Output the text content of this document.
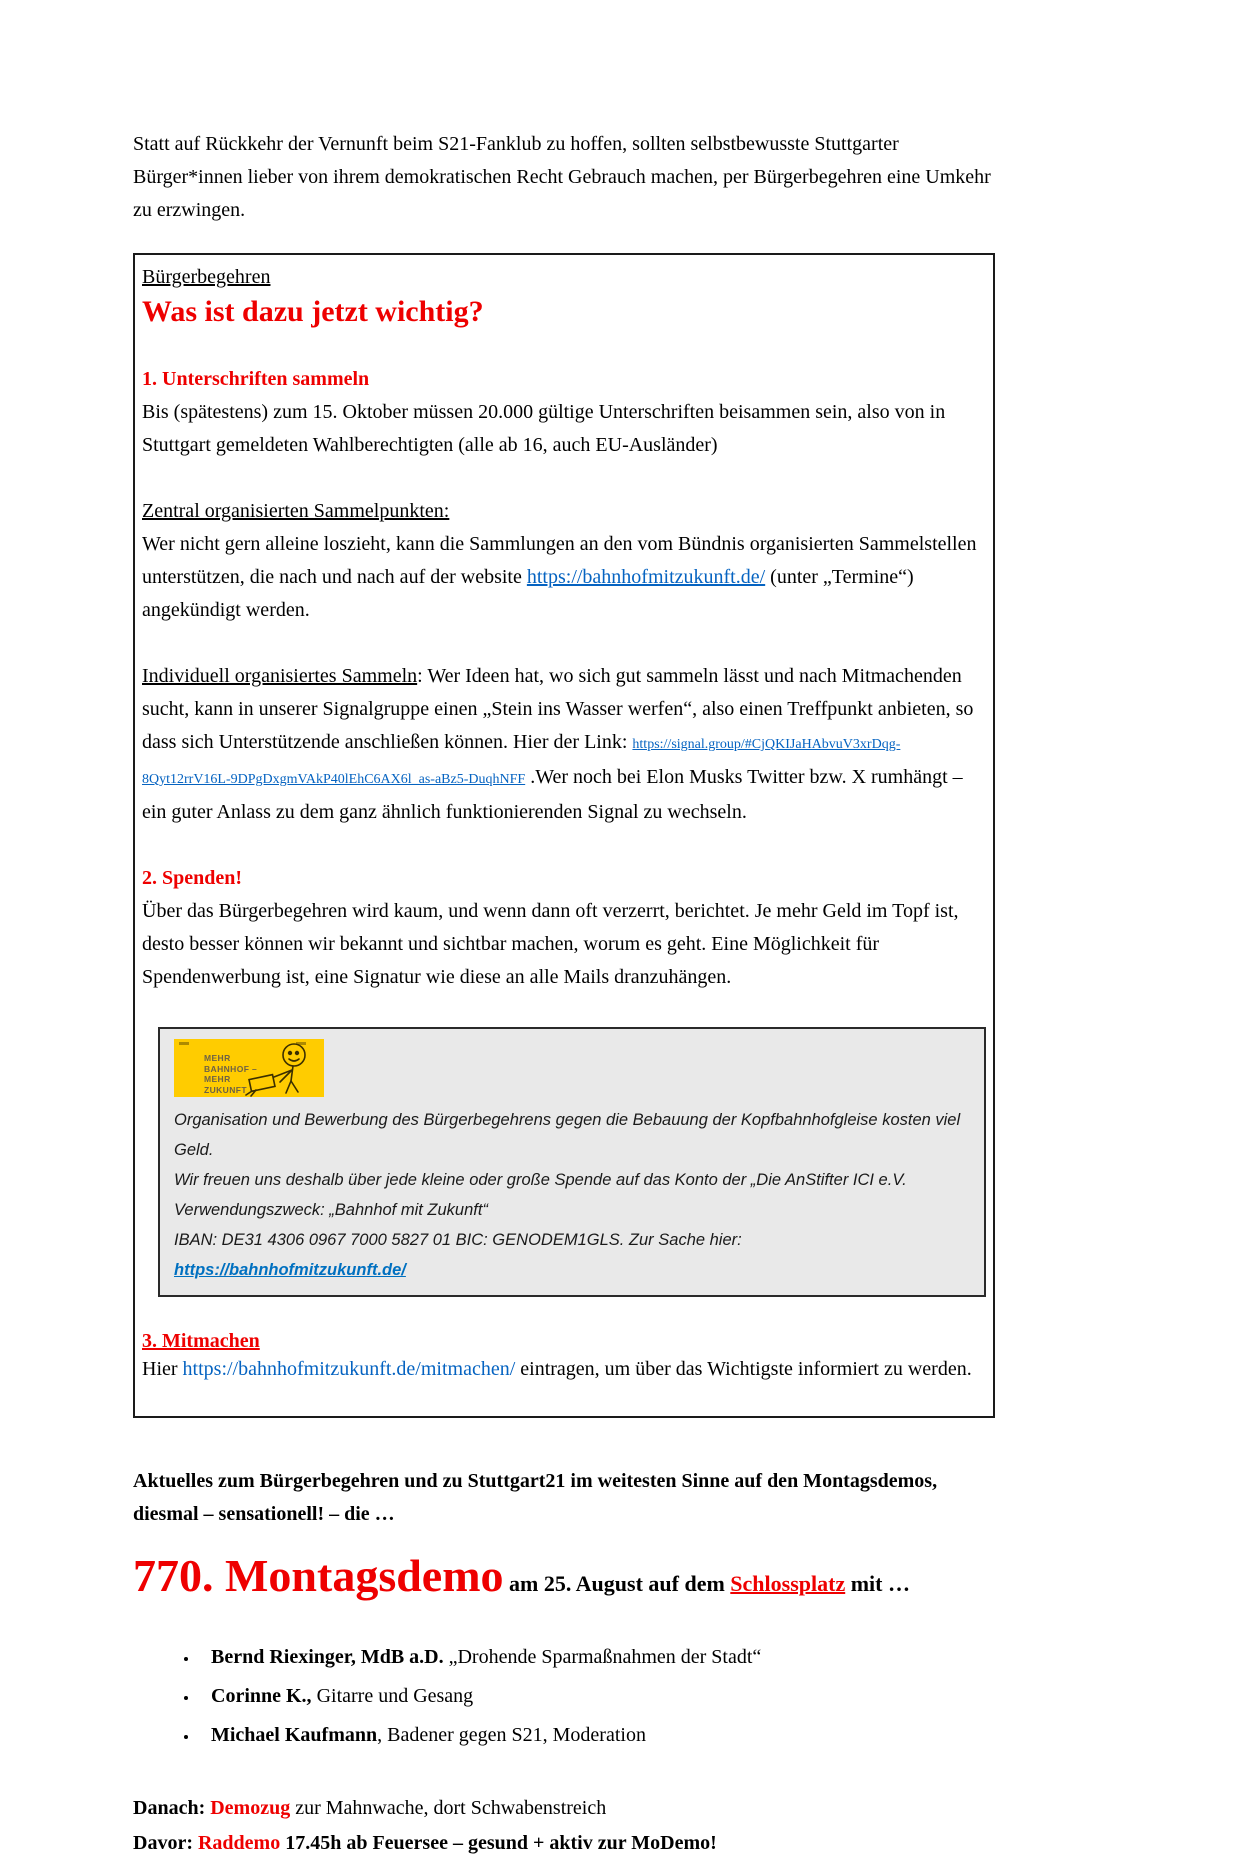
Statt auf Rückkehr der Vernunft beim S21-Fanklub zu hoffen, sollten selbstbewusste Stuttgarter Bürger*innen lieber von ihrem demokratischen Recht Gebrauch machen, per Bürgerbegehren eine Umkehr zu erzwingen.

Bürgerbegehren
Was ist dazu jetzt wichtig?
1. Unterschriften sammeln

Bis (spätestens) zum 15. Oktober müssen 20.000 gültige Unterschriften beisammen sein, also von in Stuttgart gemeldeten Wahlberechtigten (alle ab 16, auch EU-Ausländer)

Zentral organisierten Sammelpunkten:

Wer nicht gern alleine loszieht, kann die Sammlungen an den vom Bündnis organisierten Sammelstellen unterstützen, die nach und nach auf der website https://bahnhofmitzukunft.de/ (unter „Termine“) angekündigt werden.

Individuell organisiertes Sammeln: Wer Ideen hat, wo sich gut sammeln lässt und nach Mitmachenden sucht, kann in unserer Signalgruppe einen „Stein ins Wasser werfen“, also einen Treffpunkt anbieten, so dass sich Unterstützende anschließen können. Hier der Link: https://signal.group/#CjQKIJaHAbvuV3xrDqg-8Qyt12rrV16L-9DPgDxgmVAkP40lEhC6AX6l_as-aBz5-DuqhNFF .Wer noch bei Elon Musks Twitter bzw. X rumhängt – ein guter Anlass zu dem ganz ähnlich funktionierenden Signal zu wechseln.

2. Spenden!

Über das Bürgerbegehren wird kaum, und wenn dann oft verzerrt, berichtet. Je mehr Geld im Topf ist, desto besser können wir bekannt und sichtbar machen, worum es geht. Eine Möglichkeit für Spendenwerbung ist, eine Signatur wie diese an alle Mails dranzuhängen.

MEHR
BAHNHOF –
MEHR
ZUKUNFT
Organisation und Bewerbung des Bürgerbegehrens gegen die Bebauung der Kopfbahnhofgleise kosten viel Geld.
Wir freuen uns deshalb über jede kleine oder große Spende auf das Konto der „Die AnStifter ICI e.V.
Verwendungszweck: „Bahnhof mit Zukunft“
IBAN: DE31 4306 0967 7000 5827 01 BIC: GENODEM1GLS. Zur Sache hier: https://bahnhofmitzukunft.de/
3. Mitmachen

Hier https://bahnhofmitzukunft.de/mitmachen/ eintragen, um über das Wichtigste informiert zu werden.

Aktuelles zum Bürgerbegehren und zu Stuttgart21 im weitesten Sinne auf den Montagsdemos, diesmal – sensationell! – die …

770. Montagsdemo am 25. August auf dem Schlossplatz mit …
• Bernd Riexinger, MdB a.D. „Drohende Sparmaßnahmen der Stadt“
• Corinne K., Gitarre und Gesang
• Michael Kaufmann, Badener gegen S21, Moderation
Danach: Demozug zur Mahnwache, dort Schwabenstreich
Davor: Raddemo 17.45h ab Feuersee – gesund + aktiv zur MoDemo!
